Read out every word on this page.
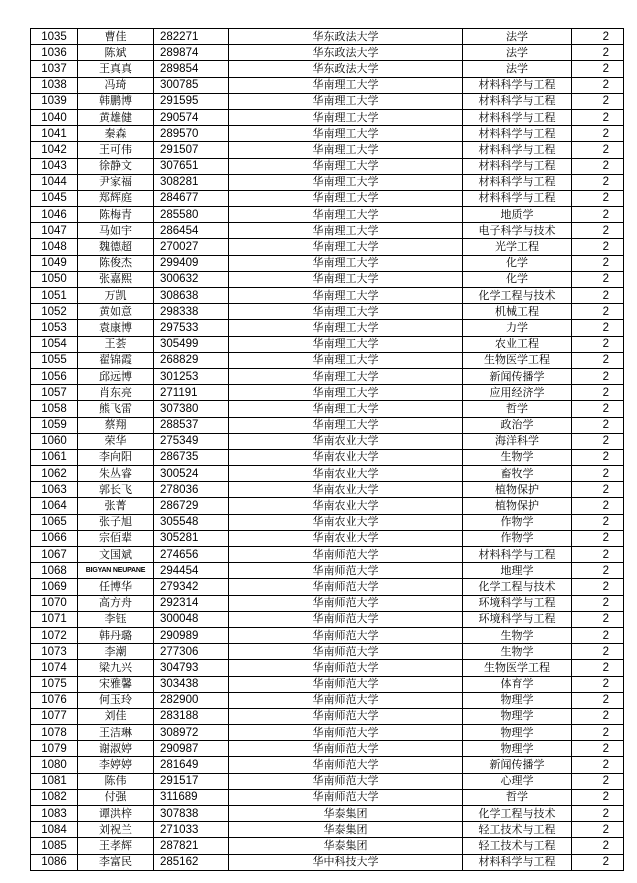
1035	曹佳	282271	华东政法大学	法学	2
1036	陈斌	289874	华东政法大学	法学	2
1037	王真真	289854	华东政法大学	法学	2
1038	冯琦	300785	华南理工大学	材料科学与工程	2
1039	韩鹏博	291595	华南理工大学	材料科学与工程	2
1040	黄雄健	290574	华南理工大学	材料科学与工程	2
1041	秦森	289570	华南理工大学	材料科学与工程	2
1042	王可伟	291507	华南理工大学	材料科学与工程	2
1043	徐静文	307651	华南理工大学	材料科学与工程	2
1044	尹家福	308281	华南理工大学	材料科学与工程	2
1045	郑辉庭	284677	华南理工大学	材料科学与工程	2
1046	陈梅青	285580	华南理工大学	地质学	2
1047	马如宇	286454	华南理工大学	电子科学与技术	2
1048	魏德超	270027	华南理工大学	光学工程	2
1049	陈俊杰	299409	华南理工大学	化学	2
1050	张嘉熙	300632	华南理工大学	化学	2
1051	万凯	308638	华南理工大学	化学工程与技术	2
1052	黄如意	298338	华南理工大学	机械工程	2
1053	袁康博	297533	华南理工大学	力学	2
1054	王荟	305499	华南理工大学	农业工程	2
1055	翟锦霞	268829	华南理工大学	生物医学工程	2
1056	邱远博	301253	华南理工大学	新闻传播学	2
1057	肖东亮	271191	华南理工大学	应用经济学	2
1058	熊飞雷	307380	华南理工大学	哲学	2
1059	蔡翔	288537	华南理工大学	政治学	2
1060	荣华	275349	华南农业大学	海洋科学	2
1061	李向阳	286735	华南农业大学	生物学	2
1062	朱丛睿	300524	华南农业大学	畜牧学	2
1063	郭长飞	278036	华南农业大学	植物保护	2
1064	张菁	286729	华南农业大学	植物保护	2
1065	张子旭	305548	华南农业大学	作物学	2
1066	宗佰辈	305281	华南农业大学	作物学	2
1067	文国斌	274656	华南师范大学	材料科学与工程	2
1068	BIGYAN NEUPANE	294454	华南师范大学	地理学	2
1069	任博华	279342	华南师范大学	化学工程与技术	2
1070	高方舟	292314	华南师范大学	环境科学与工程	2
1071	李钰	300048	华南师范大学	环境科学与工程	2
1072	韩丹璐	290989	华南师范大学	生物学	2
1073	李潮	277306	华南师范大学	生物学	2
1074	梁九兴	304793	华南师范大学	生物医学工程	2
1075	宋雅馨	303438	华南师范大学	体育学	2
1076	何玉玲	282900	华南师范大学	物理学	2
1077	刘佳	283188	华南师范大学	物理学	2
1078	王洁琳	308972	华南师范大学	物理学	2
1079	谢淑婷	290987	华南师范大学	物理学	2
1080	李婷婷	281649	华南师范大学	新闻传播学	2
1081	陈伟	291517	华南师范大学	心理学	2
1082	付强	311689	华南师范大学	哲学	2
1083	谭洪梓	307838	华泰集团	化学工程与技术	2
1084	刘祝兰	271033	华泰集团	轻工技术与工程	2
1085	王孝辉	287821	华泰集团	轻工技术与工程	2
1086	李富民	285162	华中科技大学	材料科学与工程	2
